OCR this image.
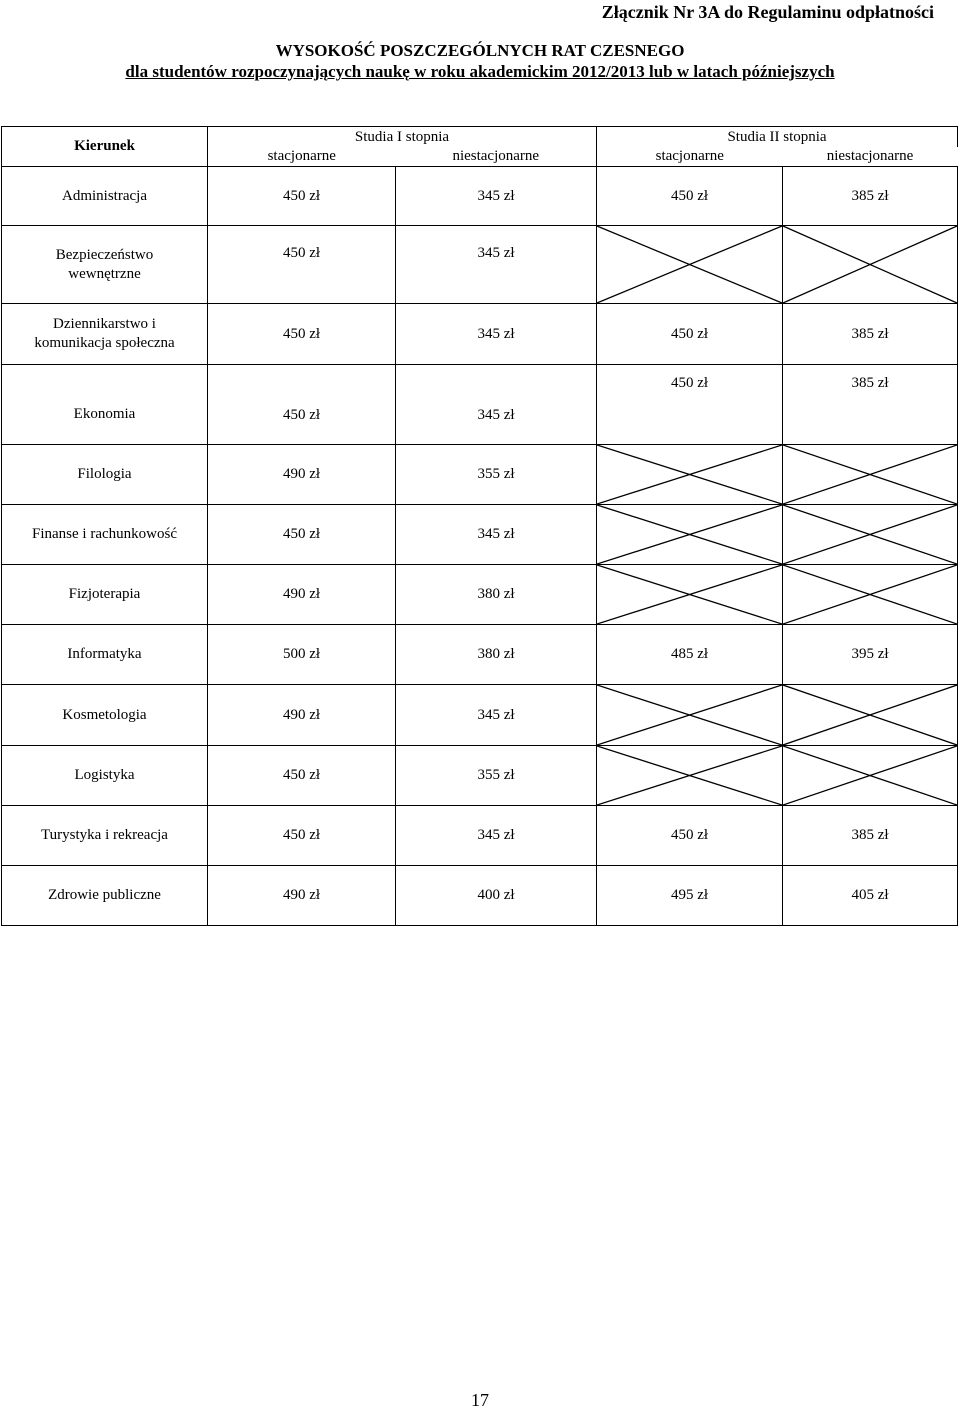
Złącznik Nr 3A do Regulaminu odpłatności
WYSOKOŚĆ POSZCZEGÓLNYCH RAT CZESNEGO
dla studentów rozpoczynających naukę w roku akademickim 2012/2013 lub w latach późniejszych
Kierunek	Studia I stopnia		Studia II stopnia	
	stacjonarne	niestacjonarne	stacjonarne	niestacjonarne
Administracja	450 zł	345 zł	450 zł	385 zł
Bezpieczeństwo wewnętrzne	450 zł	345 zł	

Dziennikarstwo i komunikacja społeczna	450 zł	345 zł	450 zł	385 zł
Ekonomia	450 zł	345 zł	450 zł	385 zł
Filologia	490 zł	355 zł	

Finanse i rachunkowość	450 zł	345 zł	

Fizjoterapia	490 zł	380 zł	

Informatyka	500 zł	380 zł	485 zł	395 zł
Kosmetologia	490 zł	345 zł	

Logistyka	450 zł	355 zł	

Turystyka i rekreacja	450 zł	345 zł	450 zł	385 zł
Zdrowie publiczne	490 zł	400 zł	495 zł	405 zł
17
